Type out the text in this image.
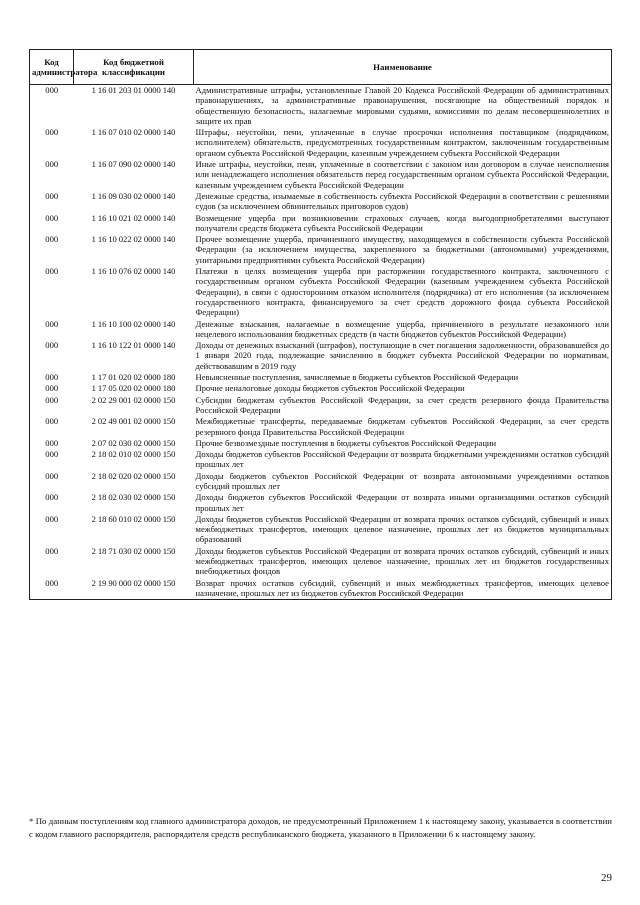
Код администратора	Код бюджетной классификации	Наименование
000	1 16 01 203 01 0000 140	Административные штрафы, установленные Главой 20 Кодекса Российской Федерации об административных правонарушениях, за административные правонарушения, посягающие на общественный порядок и общественную безопасность, налагаемые мировыми судьями, комиссиями по делам несовершеннолетних и защите их прав
000	1 16 07 010 02 0000 140	Штрафы, неустойки, пени, уплаченные в случае просрочки исполнения поставщиком (подрядчиком, исполнителем) обязательств, предусмотренных государственным контрактом, заключенным государственным органом субъекта Российской Федерации, казенным учреждением субъекта Российской Федерации
000	1 16 07 090 02 0000 140	Иные штрафы, неустойки, пени, уплаченные в соответствии с законом или договором в случае неисполнения или ненадлежащего исполнения обязательств перед государственным органом субъекта Российской Федерации, казенным учреждением субъекта Российской Федерации
000	1 16 09 030 02 0000 140	Денежные средства, изымаемые в собственность субъекта Российской Федерации в соответствии с решениями судов (за исключением обвинительных приговоров судов)
000	1 16 10 021 02 0000 140	Возмещение ущерба при возникновении страховых случаев, когда выгодоприобретателями выступают получатели средств бюджета субъекта Российской Федерации
000	1 16 10 022 02 0000 140	Прочее возмещение ущерба, причиненного имуществу, находящемуся в собственности субъекта Российской Федерации (за исключением имущества, закрепленного за бюджетными (автономными) учреждениями, унитарными предприятиями субъекта Российской Федерации)
000	1 16 10 076 02 0000 140	Платежи в целях возмещения ущерба при расторжении государственного контракта, заключенного с государственным органом субъекта Российской Федерации (казенным учреждением субъекта Российской Федерации), в связи с односторонним отказом исполнителя (подрядчика) от его исполнения (за исключением государственного контракта, финансируемого за счет средств дорожного фонда субъекта Российской Федерации)
000	1 16 10 100 02 0000 140	Денежные взыскания, налагаемые в возмещение ущерба, причиненного в результате незаконного или нецелевого использования бюджетных средств (в части бюджетов субъектов Российской Федерации)
000	1 16 10 122 01 0000 140	Доходы от денежных взысканий (штрафов), поступающие в счет погашения задолженности, образовавшейся до 1 января 2020 года, подлежащие зачислению в бюджет субъекта Российской Федерации по нормативам, действовавшим в 2019 году
000	1 17 01 020 02 0000 180	Невыясненные поступления, зачисляемые в бюджеты субъектов Российской Федерации
000	1 17 05 020 02 0000 180	Прочие неналоговые доходы бюджетов субъектов Российской Федерации
000	2 02 29 001 02 0000 150	Субсидии бюджетам субъектов Российской Федерации, за счет средств резервного фонда Правительства Российской Федерации
000	2 02 49 001 02 0000 150	Межбюджетные трансферты, передаваемые бюджетам субъектов Российской Федерации, за счет средств резервного фонда Правительства Российской Федерации
000	2 07 02 030 02 0000 150	Прочие безвозмездные поступления в бюджеты субъектов Российской Федерации
000	2 18 02 010 02 0000 150	Доходы бюджетов субъектов Российской Федерации от возврата бюджетными учреждениями остатков субсидий прошлых лет
000	2 18 02 020 02 0000 150	Доходы бюджетов субъектов Российской Федерации от возврата автономными учреждениями остатков субсидий прошлых лет
000	2 18 02 030 02 0000 150	Доходы бюджетов субъектов Российской Федерации от возврата иными организациями остатков субсидий прошлых лет
000	2 18 60 010 02 0000 150	Доходы бюджетов субъектов Российской Федерации от возврата прочих остатков субсидий, субвенций и иных межбюджетных трансфертов, имеющих целевое назначение, прошлых лет из бюджетов муниципальных образований
000	2 18 71 030 02 0000 150	Доходы бюджетов субъектов Российской Федерации от возврата прочих остатков субсидий, субвенций и иных межбюджетных трансфертов, имеющих целевое назначение, прошлых лет из бюджетов государственных внебюджетных фондов
000	2 19 90 000 02 0000 150	Возврат прочих остатков субсидий, субвенций и иных межбюджетных трансфертов, имеющих целевое назначение, прошлых лет из бюджетов субъектов Российской Федерации
* По данным поступлениям код главного администратора доходов, не предусмотренный Приложением 1 к настоящему закону, указывается в соответствии с кодом главного распорядителя, распорядителя средств республиканского бюджета, указанного в Приложении 6 к настоящему закону.
29
